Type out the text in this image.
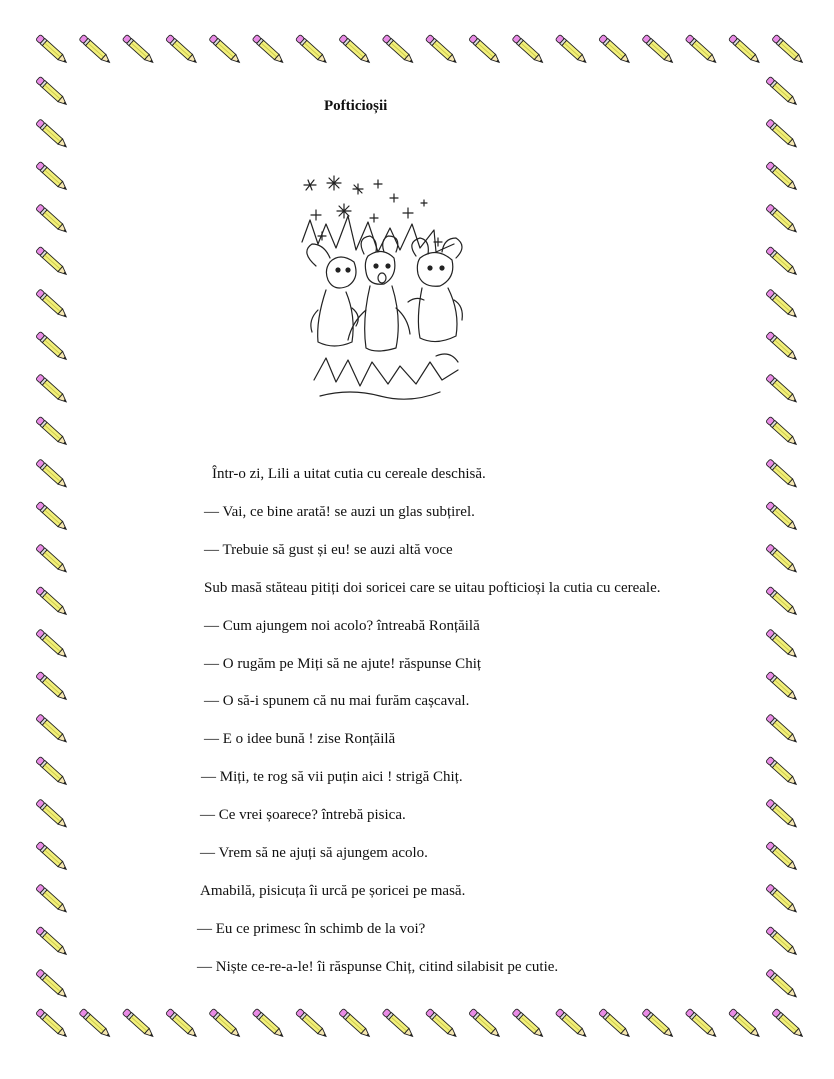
Pofticioșii
Într-o zi, Lili a uitat cutia cu cereale deschisă.
— Vai, ce bine arată! se auzi un glas subțirel.
— Trebuie să gust și eu! se auzi altă voce
Sub masă stăteau pitiți doi soricei care se uitau pofticioși la cutia cu cereale.
— Cum ajungem noi acolo? întreabă Ronțăilă
— O rugăm pe Miți să ne ajute! răspunse Chiț
— O să-i spunem că nu mai furăm cașcaval.
— E o idee bună ! zise Ronțăilă
— Miți, te rog să vii puțin aici ! strigă Chiț.
— Ce vrei șoarece? întrebă pisica.
— Vrem să ne ajuți să ajungem acolo.
Amabilă, pisicuța îi urcă pe șoricei pe masă.
— Eu ce primesc în schimb de la voi?
— Niște ce-re-a-le! îi răspunse Chiț, citind silabisit pe cutie.
